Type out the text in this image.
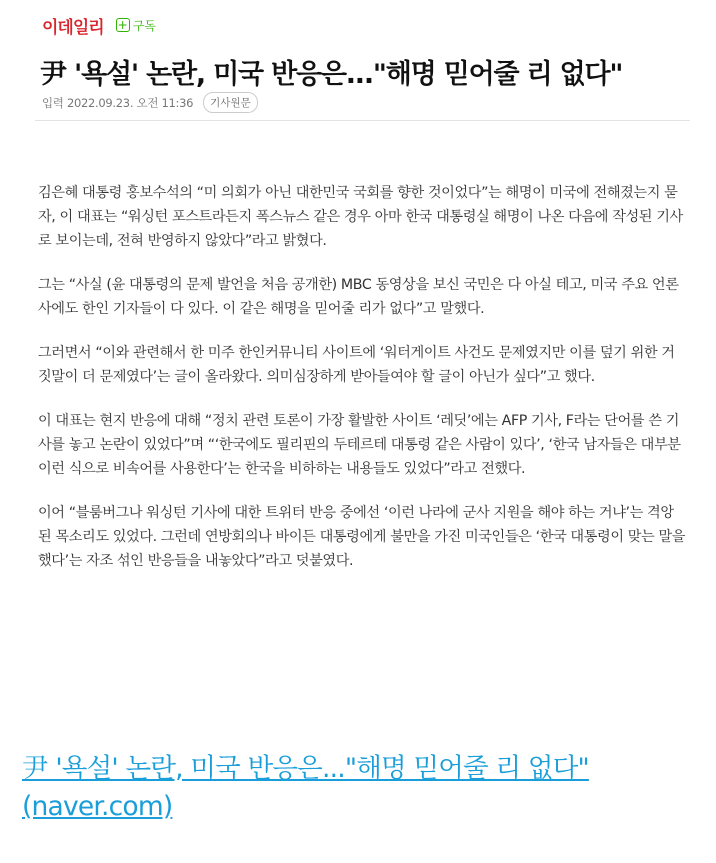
이데일리 + 구독
尹 '욕설' 논란, 미국 반응은..."해명 믿어줄 리 없다"
입력 2022.09.23. 오전 11:36	기사원문

김은혜 대통령 홍보수석의 “미 의회가 아닌 대한민국 국회를 향한 것이었다”는 해명이 미국에 전해졌는지 묻자, 이 대표는 “워싱턴 포스트라든지 폭스뉴스 같은 경우 아마 한국 대통령실 해명이 나온 다음에 작성된 기사로 보이는데, 전혀 반영하지 않았다”라고 밝혔다.

그는 “사실 (윤 대통령의 문제 발언을 처음 공개한) MBC 동영상을 보신 국민은 다 아실 테고, 미국 주요 언론사에도 한인 기자들이 다 있다. 이 같은 해명을 믿어줄 리가 없다”고 말했다.

그러면서 “이와 관련해서 한 미주 한인커뮤니티 사이트에 ‘워터게이트 사건도 문제였지만 이를 덮기 위한 거짓말이 더 문제였다’는 글이 올라왔다. 의미심장하게 받아들여야 할 글이 아닌가 싶다”고 했다.

이 대표는 현지 반응에 대해 “정치 관련 토론이 가장 활발한 사이트 ‘레딧’에는 AFP 기사, F라는 단어를 쓴 기사를 놓고 논란이 있었다”며 “‘한국에도 필리핀의 두테르테 대통령 같은 사람이 있다’, ‘한국 남자들은 대부분 이런 식으로 비속어를 사용한다’는 한국을 비하하는 내용들도 있었다”라고 전했다.

이어 “블룸버그나 워싱턴 기사에 대한 트위터 반응 중에선 ‘이런 나라에 군사 지원을 해야 하는 거냐’는 격앙된 목소리도 있었다. 그런데 연방회의나 바이든 대통령에게 불만을 가진 미국인들은 ‘한국 대통령이 맞는 말을 했다’는 자조 섞인 반응들을 내놓았다”라고 덧붙였다.

尹 '욕설' 논란, 미국 반응은..."해명 믿어줄 리 없다"
(naver.com)
